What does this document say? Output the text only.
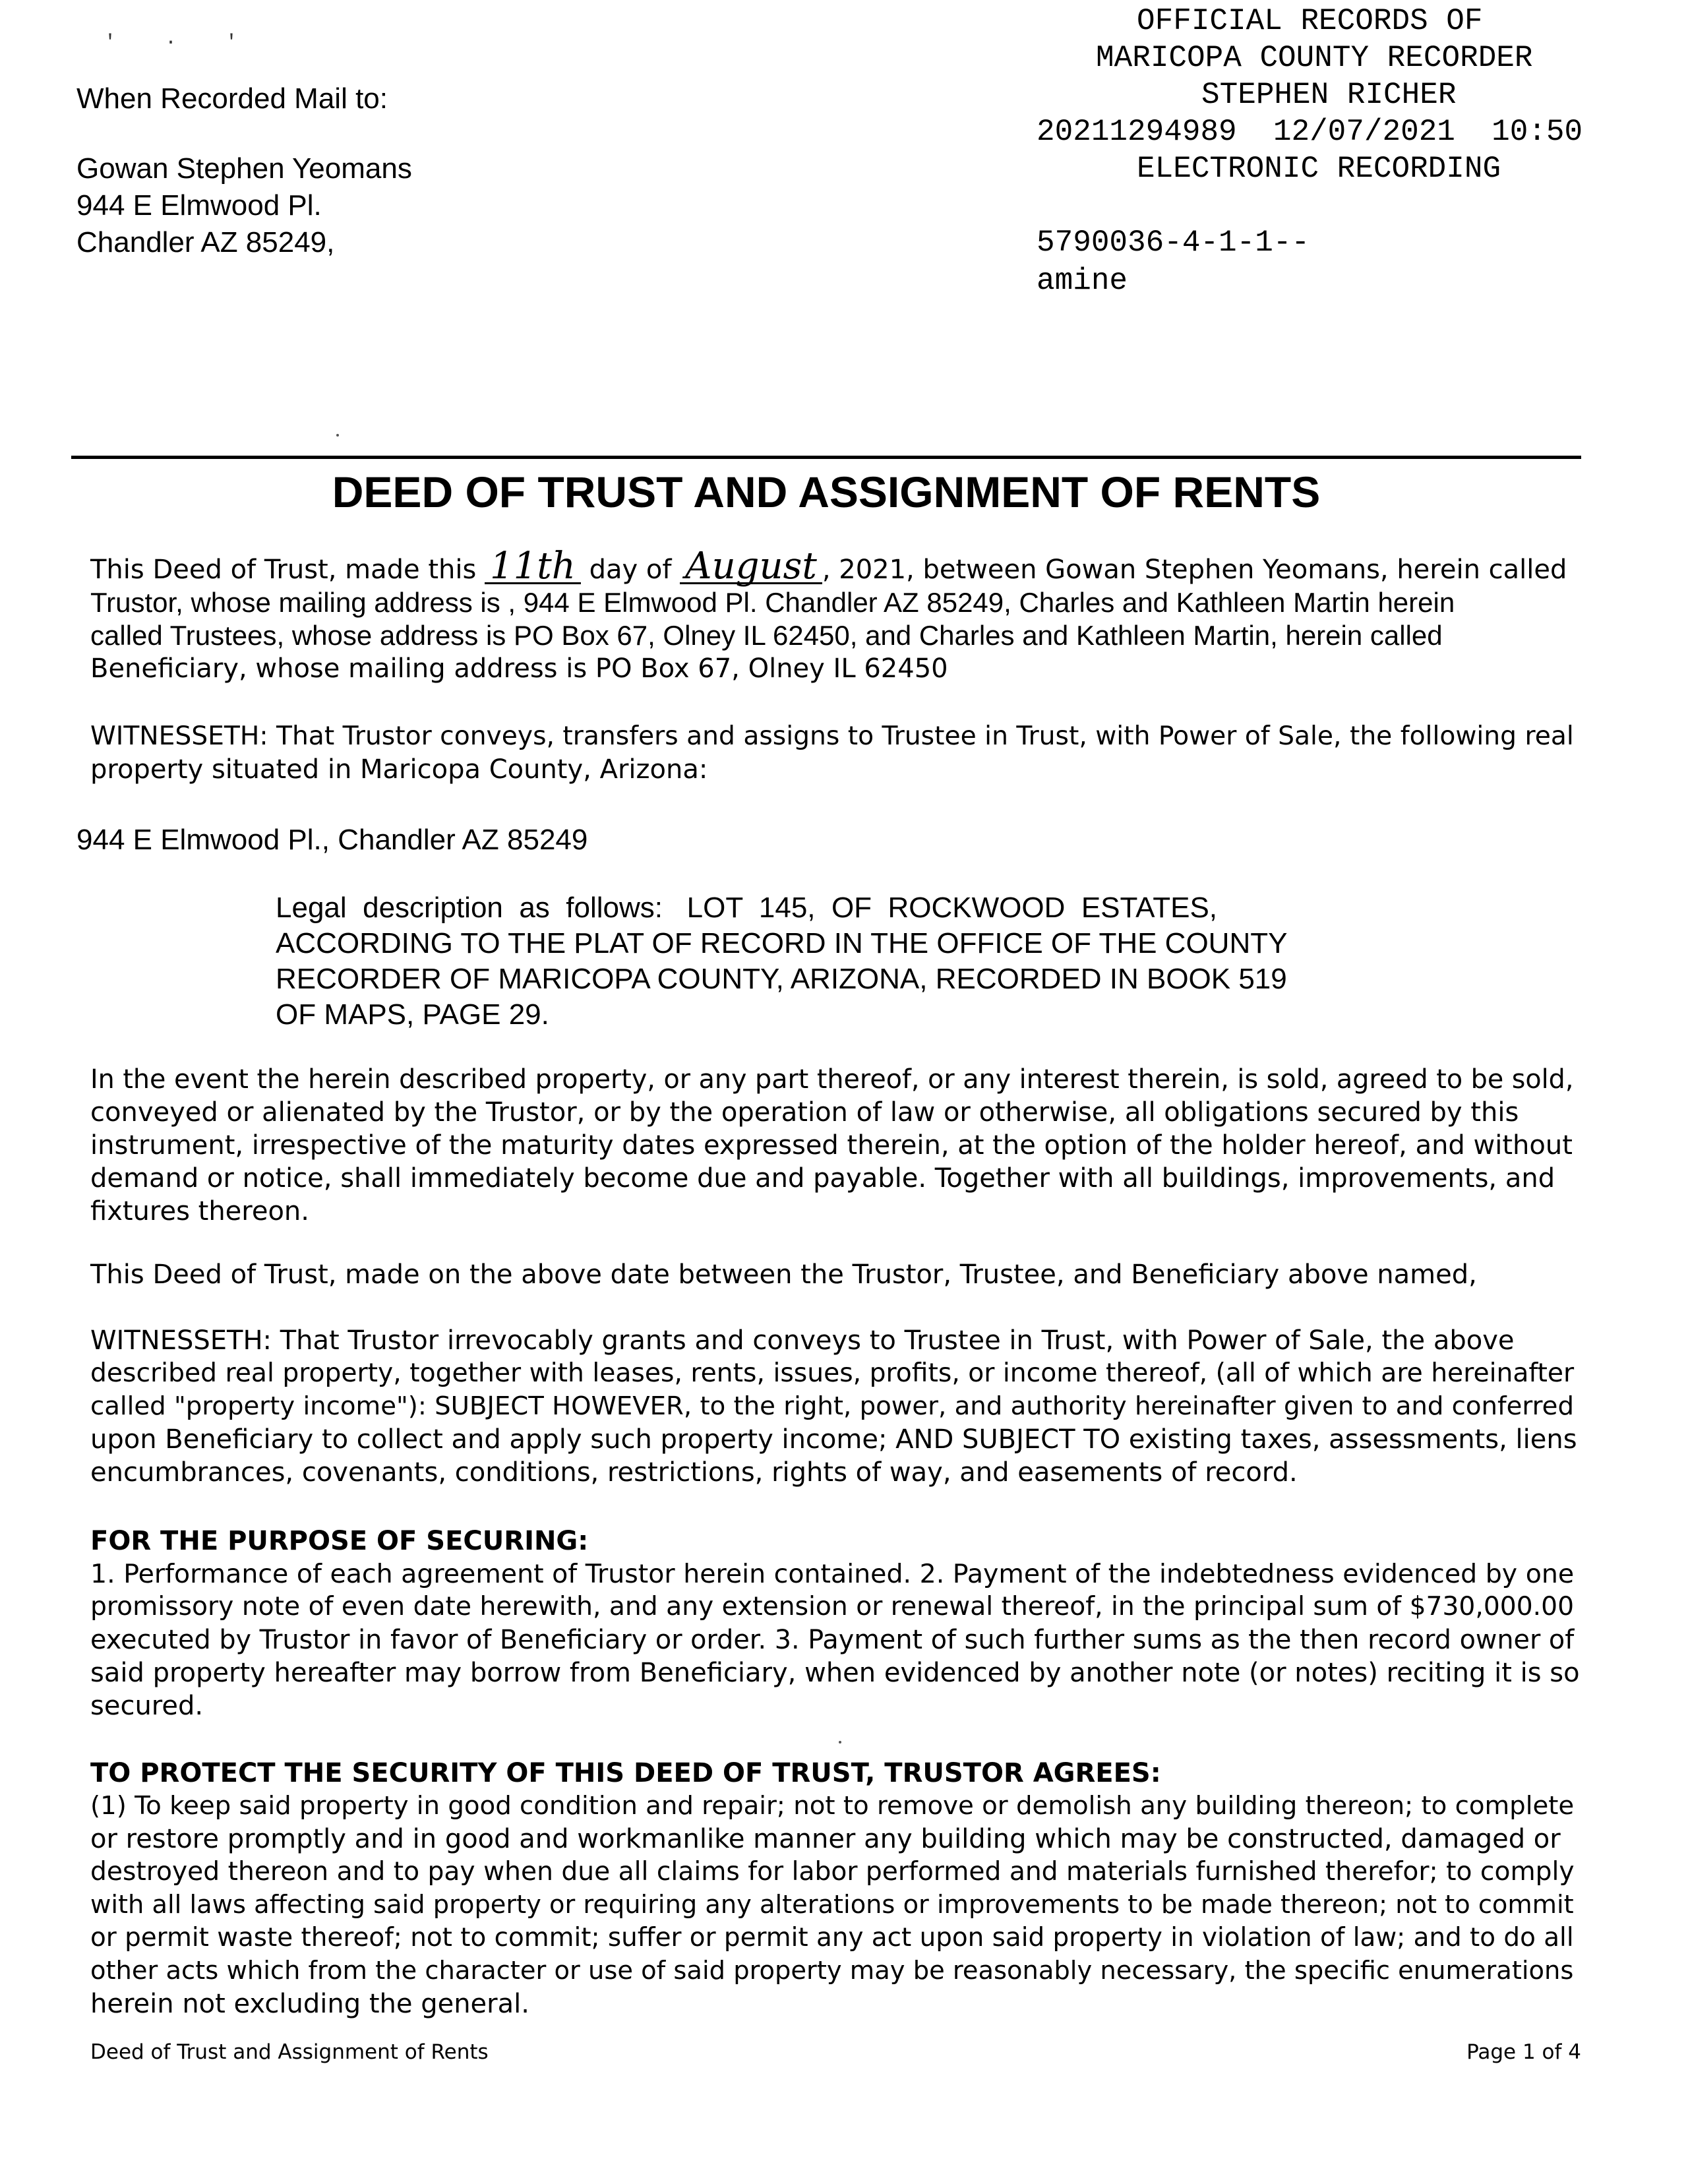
' · '
When Recorded Mail to:
Gowan Stephen Yeomans
944 E Elmwood Pl.
Chandler AZ 85249,
OFFICIAL RECORDS OF
MARICOPA COUNTY RECORDER
STEPHEN RICHER
20211294989  12/07/2021  10:50
ELECTRONIC RECORDING
5790036-4-1-1--
amine
DEED OF TRUST AND ASSIGNMENT OF RENTS
This Deed of Trust, made this 11th day of August , 2021, between Gowan Stephen Yeomans, herein called
Trustor, whose mailing address is , 944 E Elmwood Pl. Chandler AZ 85249, Charles and Kathleen Martin herein
called Trustees, whose address is PO Box 67, Olney IL 62450, and Charles and Kathleen Martin, herein called
Beneficiary, whose mailing address is PO Box 67, Olney IL 62450
WITNESSETH: That Trustor conveys, transfers and assigns to Trustee in Trust, with Power of Sale, the following real
property situated in Maricopa County, Arizona:
944 E Elmwood Pl., Chandler AZ 85249
Legal  description  as  follows:   LOT  145,  OF  ROCKWOOD  ESTATES,
ACCORDING TO THE PLAT OF RECORD IN THE OFFICE OF THE COUNTY
RECORDER OF MARICOPA COUNTY, ARIZONA, RECORDED IN BOOK 519
OF MAPS, PAGE 29.
In the event the herein described property, or any part thereof, or any interest therein, is sold, agreed to be sold,
conveyed or alienated by the Trustor, or by the operation of law or otherwise, all obligations secured by this
instrument, irrespective of the maturity dates expressed therein, at the option of the holder hereof, and without
demand or notice, shall immediately become due and payable. Together with all buildings, improvements, and
fixtures thereon.
This Deed of Trust, made on the above date between the Trustor, Trustee, and Beneficiary above named,
WITNESSETH: That Trustor irrevocably grants and conveys to Trustee in Trust, with Power of Sale, the above
described real property, together with leases, rents, issues, profits, or income thereof, (all of which are hereinafter
called "property income"): SUBJECT HOWEVER, to the right, power, and authority hereinafter given to and conferred
upon Beneficiary to collect and apply such property income; AND SUBJECT TO existing taxes, assessments, liens
encumbrances, covenants, conditions, restrictions, rights of way, and easements of record.
FOR THE PURPOSE OF SECURING:
1. Performance of each agreement of Trustor herein contained. 2. Payment of the indebtedness evidenced by one
promissory note of even date herewith, and any extension or renewal thereof, in the principal sum of $730,000.00
executed by Trustor in favor of Beneficiary or order. 3. Payment of such further sums as the then record owner of
said property hereafter may borrow from Beneficiary, when evidenced by another note (or notes) reciting it is so
secured.
TO PROTECT THE SECURITY OF THIS DEED OF TRUST, TRUSTOR AGREES:
(1) To keep said property in good condition and repair; not to remove or demolish any building thereon; to complete
or restore promptly and in good and workmanlike manner any building which may be constructed, damaged or
destroyed thereon and to pay when due all claims for labor performed and materials furnished therefor; to comply
with all laws affecting said property or requiring any alterations or improvements to be made thereon; not to commit
or permit waste thereof; not to commit; suffer or permit any act upon said property in violation of law; and to do all
other acts which from the character or use of said property may be reasonably necessary, the specific enumerations
herein not excluding the general.
Deed of Trust and Assignment of Rents	Page 1 of 4
